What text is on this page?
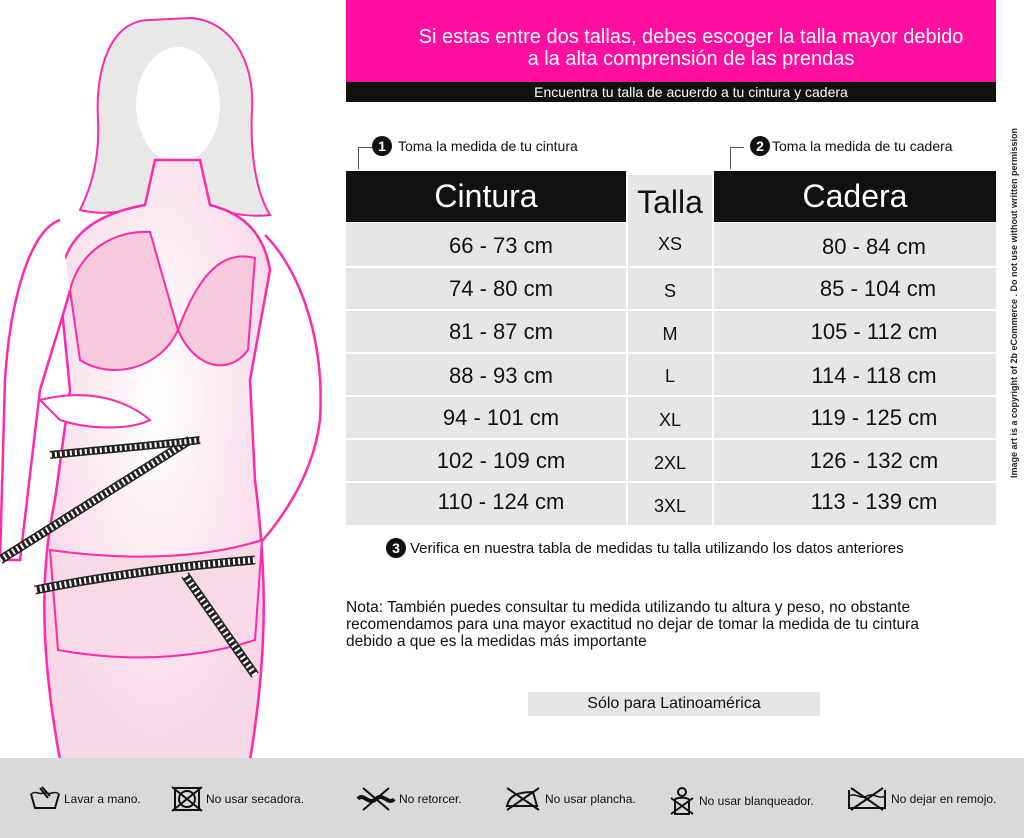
Si estas entre dos tallas, debes escoger la talla mayor debido
a la alta comprensión de las prendas
Encuentra tu talla de acuerdo a tu cintura y cadera
1 Toma la medida de tu cintura	2 Toma la medida de tu cadera
Cintura	Talla	Cadera
66 - 73 cm	XS	80 - 84 cm
74 - 80 cm	S	85 - 104 cm
81 - 87 cm	M	105 - 112 cm
88 - 93 cm	L	114 - 118 cm
94 - 101 cm	XL	119 - 125 cm
102 - 109 cm	2XL	126 - 132 cm
110 - 124 cm	3XL	113 - 139 cm
3 Verifica en nuestra tabla de medidas tu talla utilizando los datos anteriores
Nota: También puedes consultar tu medida utilizando tu altura y peso, no obstante
recomendamos para una mayor exactitud no dejar de tomar la medida de tu cintura
debido a que es la medidas más importante
Sólo para Latinoamérica
Image art is a copyright of 2b eCommerce . Do not use without written permission
Lavar a mano.	No usar secadora.	No retorcer.	No usar plancha.	No usar blanqueador.	No dejar en remojo.
